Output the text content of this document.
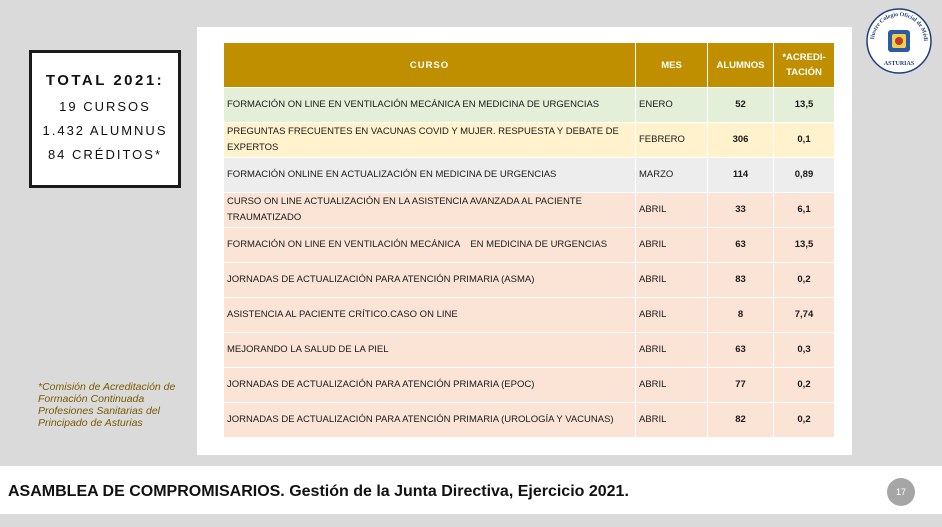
TOTAL 2021:
19 CURSOS
1.432 ALUMNUS
84 CRÉDITOS*
*Comisión de Acreditación de Formación Continuada Profesiones Sanitarias del Principado de Asturias
Ilustre Colegio Oficial de Médi
ASTURIAS
CURSO	MES	ALUMNOS	*ACREDI-
TACIÓN
FORMACIÓN ON LINE EN VENTILACIÓN MECÁNICA EN MEDICINA DE URGENCIAS	ENERO	52	13,5
PREGUNTAS FRECUENTES EN VACUNAS COVID Y MUJER. RESPUESTA Y DEBATE DE EXPERTOS	FEBRERO	306	0,1
FORMACIÓN ONLINE EN ACTUALIZACIÓN EN MEDICINA DE URGENCIAS	MARZO	114	0,89
CURSO ON LINE ACTUALIZACIÓN EN LA ASISTENCIA AVANZADA AL PACIENTE TRAUMATIZADO	ABRIL	33	6,1
FORMACIÓN ON LINE EN VENTILACIÓN MECÁNICA    EN MEDICINA DE URGENCIAS	ABRIL	63	13,5
JORNADAS DE ACTUALIZACIÓN PARA ATENCIÓN PRIMARIA (ASMA)	ABRIL	83	0,2
ASISTENCIA AL PACIENTE CRÍTICO.CASO ON LINE	ABRIL	8	7,74
MEJORANDO LA SALUD DE LA PIEL	ABRIL	63	0,3
JORNADAS DE ACTUALIZACIÓN PARA ATENCIÓN PRIMARIA (EPOC)	ABRIL	77	0,2
JORNADAS DE ACTUALIZACIÓN PARA ATENCIÓN PRIMARIA (UROLOGÍA Y VACUNAS)	ABRIL	82	0,2
ASAMBLEA DE COMPROMISARIOS. Gestión de la Junta Directiva, Ejercicio 2021.	17
